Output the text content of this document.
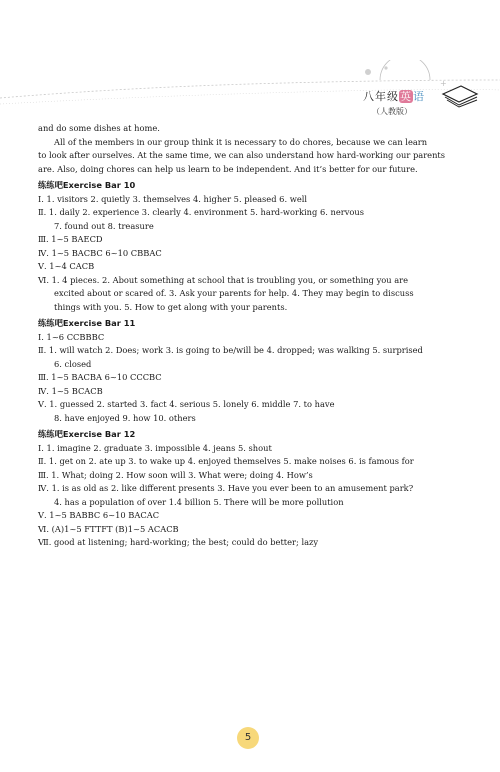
+
八年级英语
（人教版）
and do some dishes at home.
All of the members in our group think it is necessary to do chores, because we can learn
to look after ourselves. At the same time, we can also understand how hard-working our parents
are. Also, doing chores can help us learn to be independent. And it’s better for our future.
练练吧Exercise Bar 10
Ⅰ. 1. visitors 2. quietly 3. themselves 4. higher 5. pleased 6. well
Ⅱ. 1. daily 2. experience 3. clearly 4. environment 5. hard-working 6. nervous
7. found out 8. treasure
Ⅲ. 1~5 BAECD
Ⅳ. 1~5 BACBC 6~10 CBBAC
Ⅴ. 1~4 CACB
Ⅵ. 1. 4 pieces. 2. About something at school that is troubling you, or something you are
excited about or scared of. 3. Ask your parents for help. 4. They may begin to discuss
things with you. 5. How to get along with your parents.
练练吧Exercise Bar 11
Ⅰ. 1~6 CCBBBC
Ⅱ. 1. will watch 2. Does; work 3. is going to be/will be 4. dropped; was walking 5. surprised
6. closed
Ⅲ. 1~5 BACBA 6~10 CCCBC
Ⅳ. 1~5 BCACB
Ⅴ. 1. guessed 2. started 3. fact 4. serious 5. lonely 6. middle 7. to have
8. have enjoyed 9. how 10. others
练练吧Exercise Bar 12
Ⅰ. 1. imagine 2. graduate 3. impossible 4. jeans 5. shout
Ⅱ. 1. get on 2. ate up 3. to wake up 4. enjoyed themselves 5. make noises 6. is famous for
Ⅲ. 1. What; doing 2. How soon will 3. What were; doing 4. How’s
Ⅳ. 1. is as old as 2. like different presents 3. Have you ever been to an amusement park?
4. has a population of over 1.4 billion 5. There will be more pollution
Ⅴ. 1~5 BABBC 6~10 BACAC
Ⅵ. (A)1~5 FTTFT (B)1~5 ACACB
Ⅶ. good at listening; hard-working; the best; could do better; lazy
5
